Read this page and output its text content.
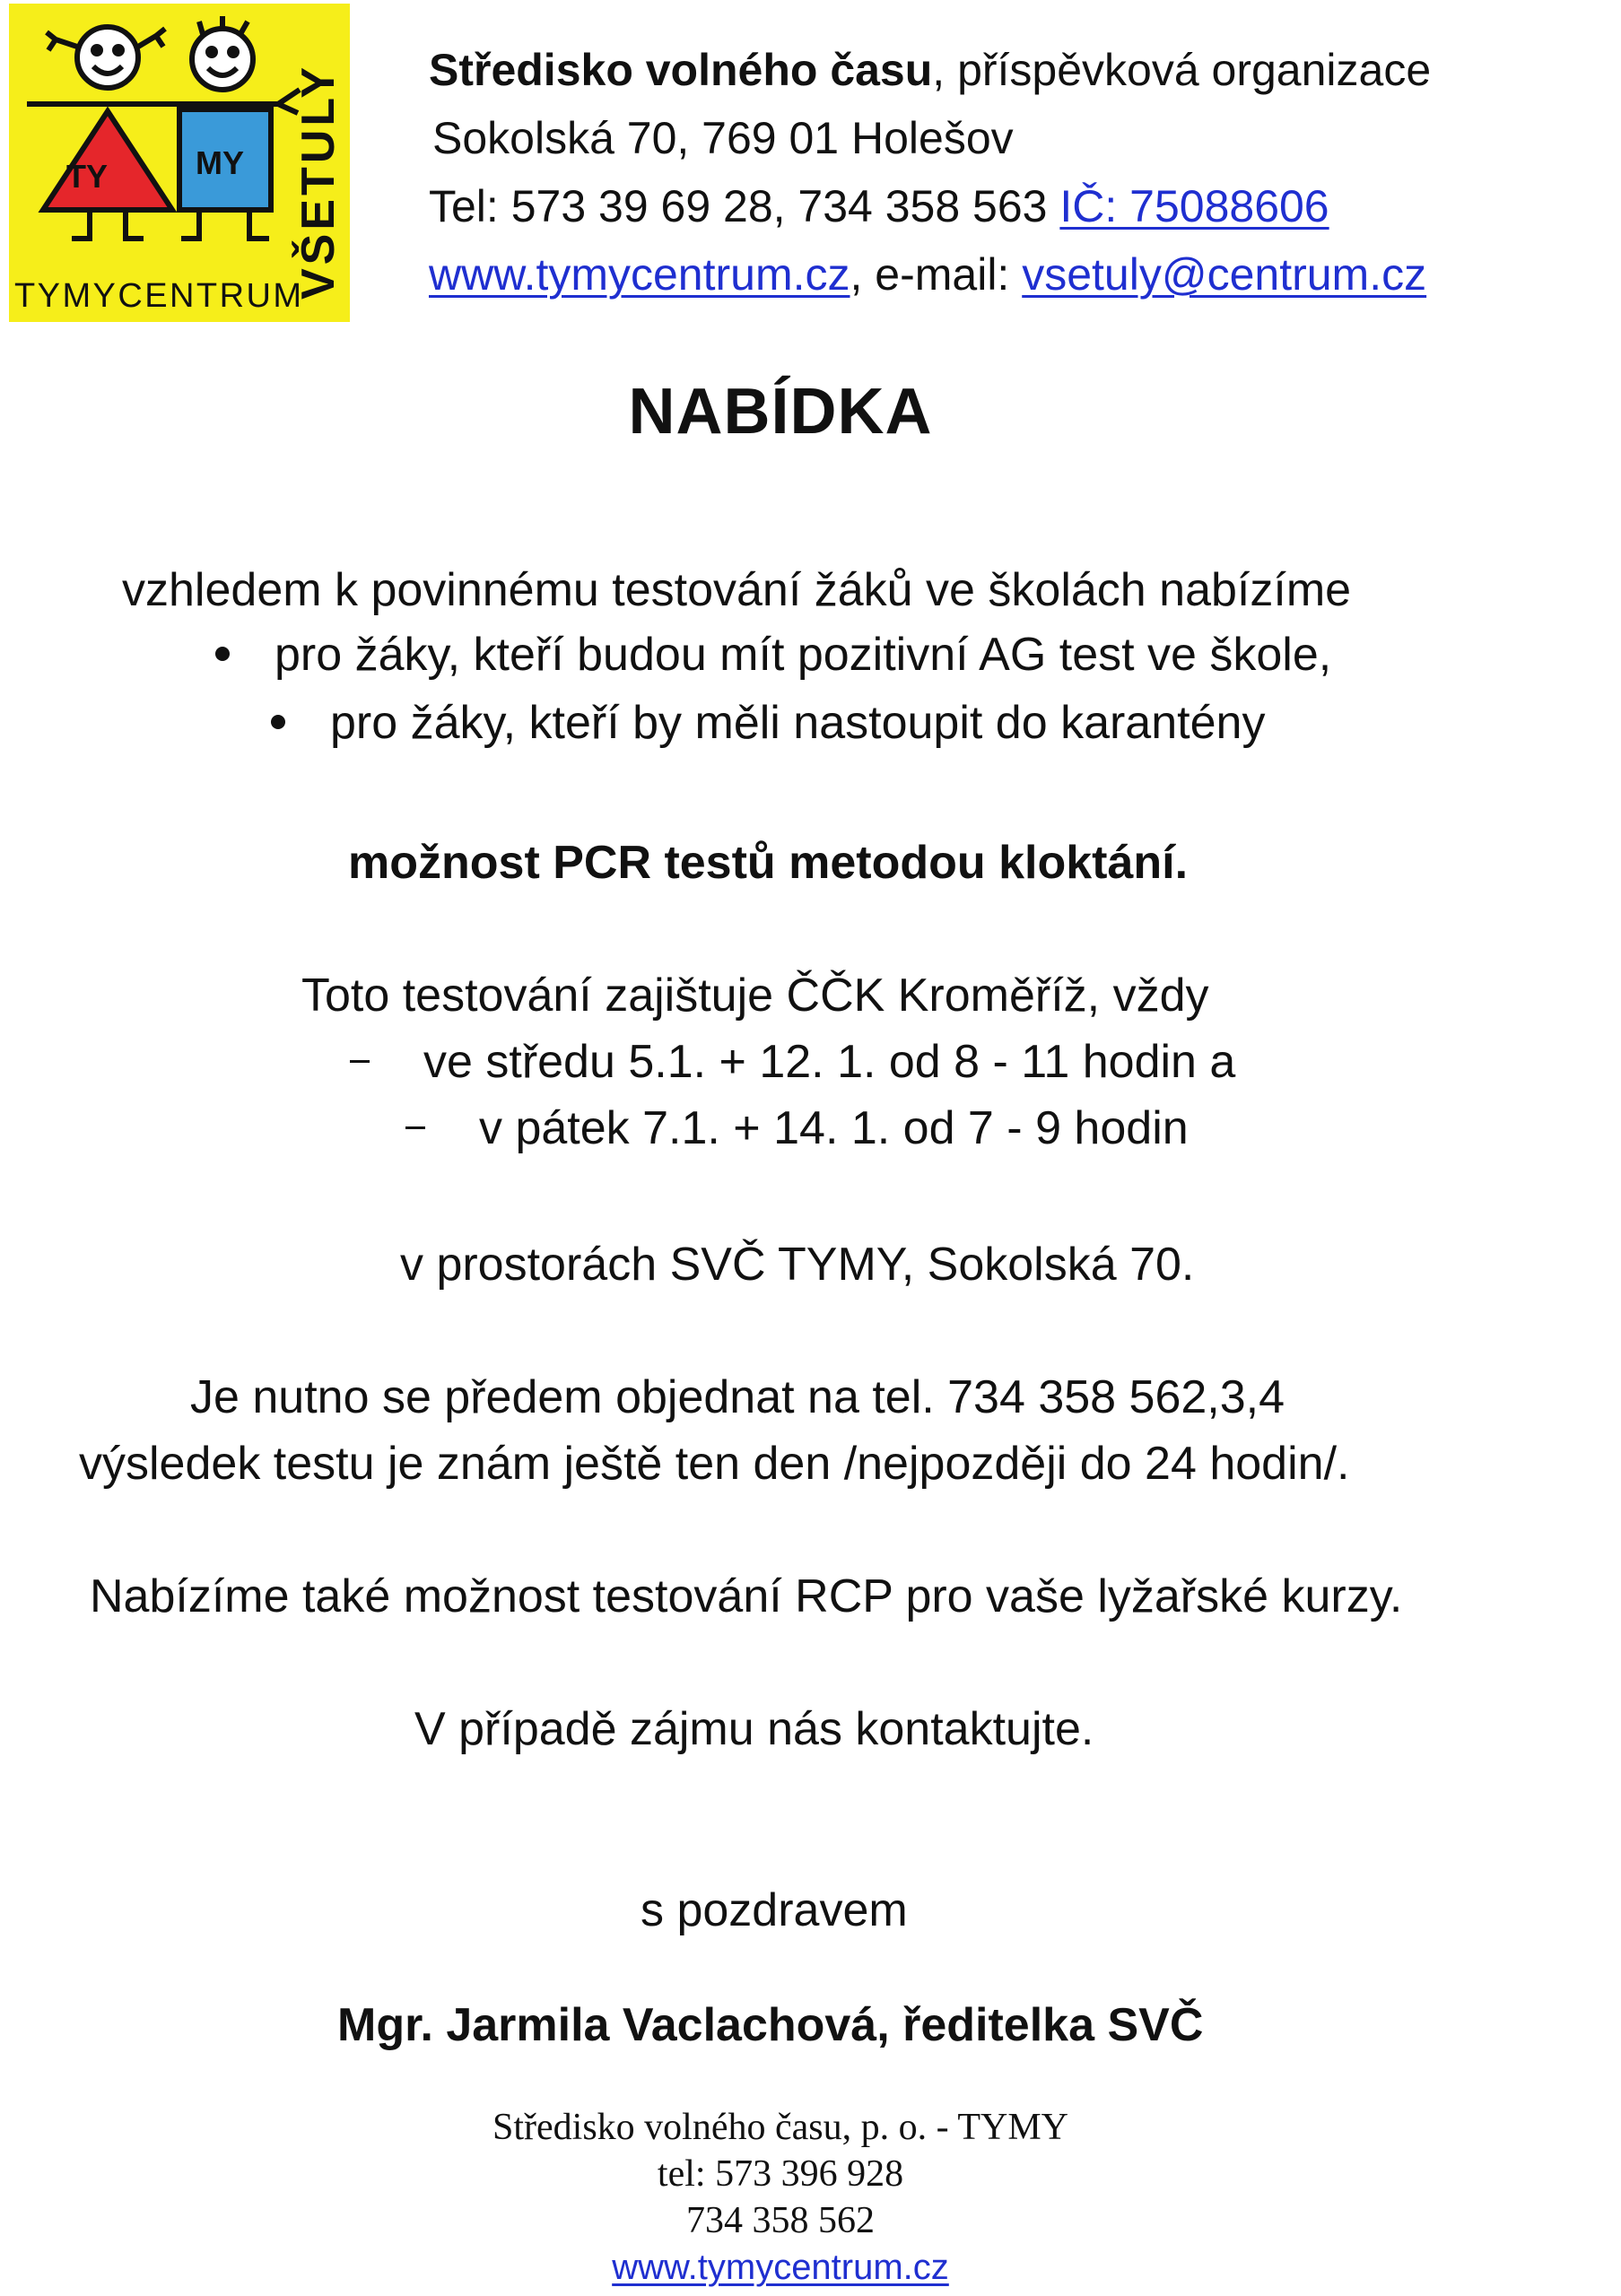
TY	MY VŠETULY
TYMYCENTRUM
Středisko volného času, příspěvková organizace
Sokolská 70, 769 01 Holešov
Tel: 573 39 69 28, 734 358 563 IČ: 75088606
www.tymycentrum.cz, e-mail: vsetuly@centrum.cz
NABÍDKA
vzhledem k povinnému testování žáků ve školách nabízíme
pro žáky, kteří budou mít pozitivní AG test ve škole,
pro žáky, kteří by měli nastoupit do karantény
možnost PCR testů metodou kloktání.
Toto testování zajištuje ČČK Kroměříž, vždy
ve středu 5.1. + 12. 1. od 8 - 11 hodin a
v pátek 7.1. + 14. 1. od 7 - 9 hodin
v prostorách SVČ TYMY, Sokolská 70.
Je nutno se předem objednat na tel. 734 358 562,3,4
výsledek testu je znám ještě ten den /nejpozději do 24 hodin/.
Nabízíme také možnost testování RCP pro vaše lyžařské kurzy.
V případě zájmu nás kontaktujte.
s pozdravem
Mgr. Jarmila Vaclachová, ředitelka SVČ
Středisko volného času, p. o. - TYMY
tel: 573 396 928
734 358 562
www.tymycentrum.cz
